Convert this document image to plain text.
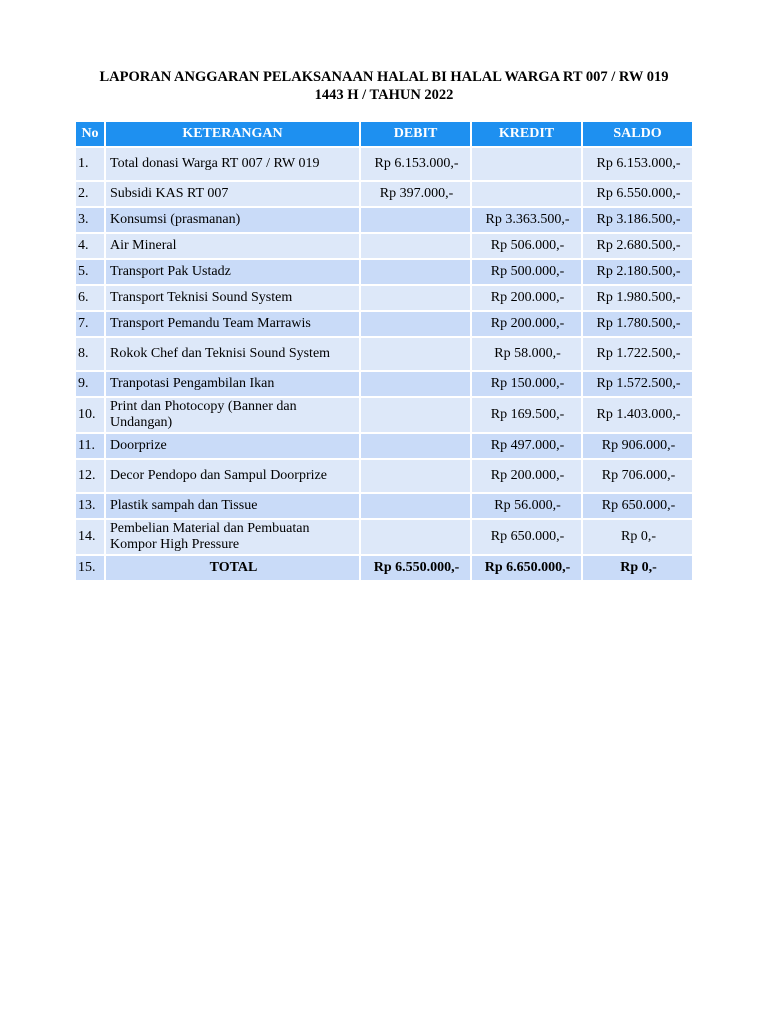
LAPORAN ANGGARAN PELAKSANAAN HALAL BI HALAL WARGA RT 007 / RW 019
1443 H / TAHUN 2022
No	KETERANGAN	DEBIT	KREDIT	SALDO
1.	Total donasi Warga RT 007 / RW 019	Rp 6.153.000,-		Rp 6.153.000,-
2.	Subsidi KAS RT 007	Rp 397.000,-		Rp 6.550.000,-
3.	Konsumsi (prasmanan)		Rp 3.363.500,-	Rp 3.186.500,-
4.	Air Mineral		Rp 506.000,-	Rp 2.680.500,-
5.	Transport Pak Ustadz		Rp 500.000,-	Rp 2.180.500,-
6.	Transport Teknisi Sound System		Rp 200.000,-	Rp 1.980.500,-
7.	Transport Pemandu Team Marrawis		Rp 200.000,-	Rp 1.780.500,-
8.	Rokok Chef dan Teknisi Sound System		Rp 58.000,-	Rp 1.722.500,-
9.	Tranpotasi Pengambilan Ikan		Rp 150.000,-	Rp 1.572.500,-
10.	Print dan Photocopy (Banner dan Undangan)		Rp 169.500,-	Rp 1.403.000,-
11.	Doorprize		Rp 497.000,-	Rp 906.000,-
12.	Decor Pendopo dan Sampul Doorprize		Rp 200.000,-	Rp 706.000,-
13.	Plastik sampah dan Tissue		Rp 56.000,-	Rp 650.000,-
14.	Pembelian Material dan Pembuatan Kompor High Pressure		Rp 650.000,-	Rp 0,-
15.	TOTAL	Rp 6.550.000,-	Rp 6.650.000,-	Rp 0,-
